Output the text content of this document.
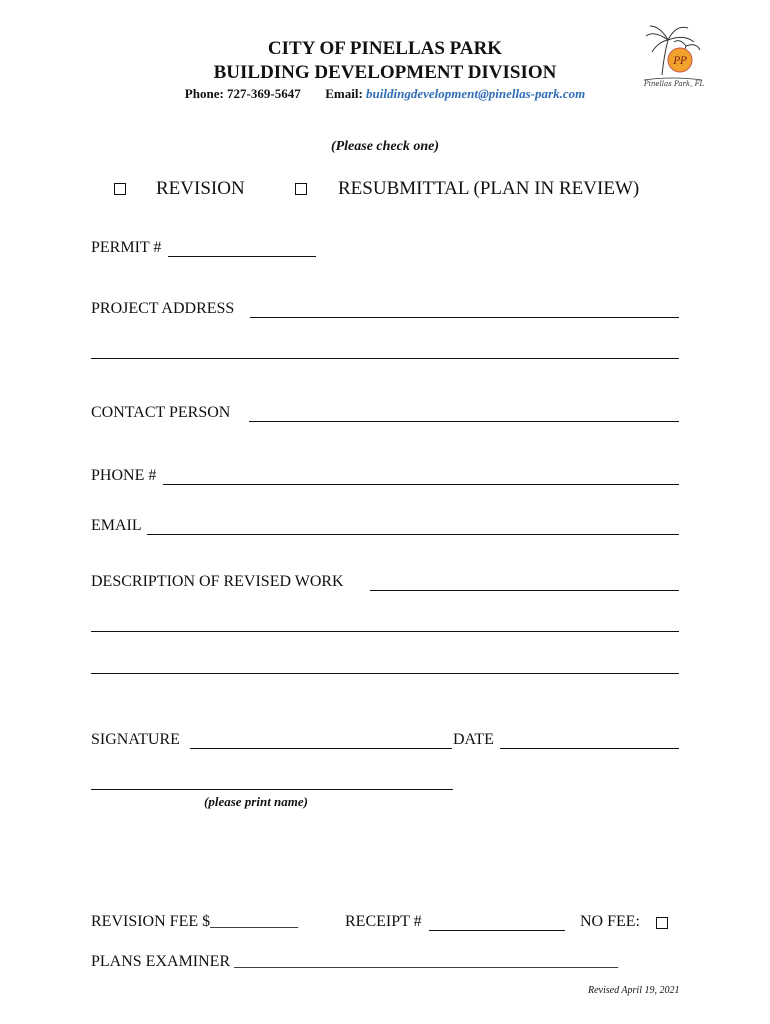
CITY OF PINELLAS PARK
BUILDING DEVELOPMENT DIVISION
Phone: 727-369-5647 Email: buildingdevelopment@pinellas-park.com
PP
Pinellas Park, FL
(Please check one)
REVISION	RESUBMITTAL (PLAN IN REVIEW)
PERMIT #
PROJECT ADDRESS
CONTACT PERSON
PHONE #
EMAIL
DESCRIPTION OF REVISED WORK
SIGNATURE	DATE
(please print name)
REVISION FEE $___________	RECEIPT #	NO FEE:
PLANS EXAMINER ________________________________________________
Revised April 19, 2021
